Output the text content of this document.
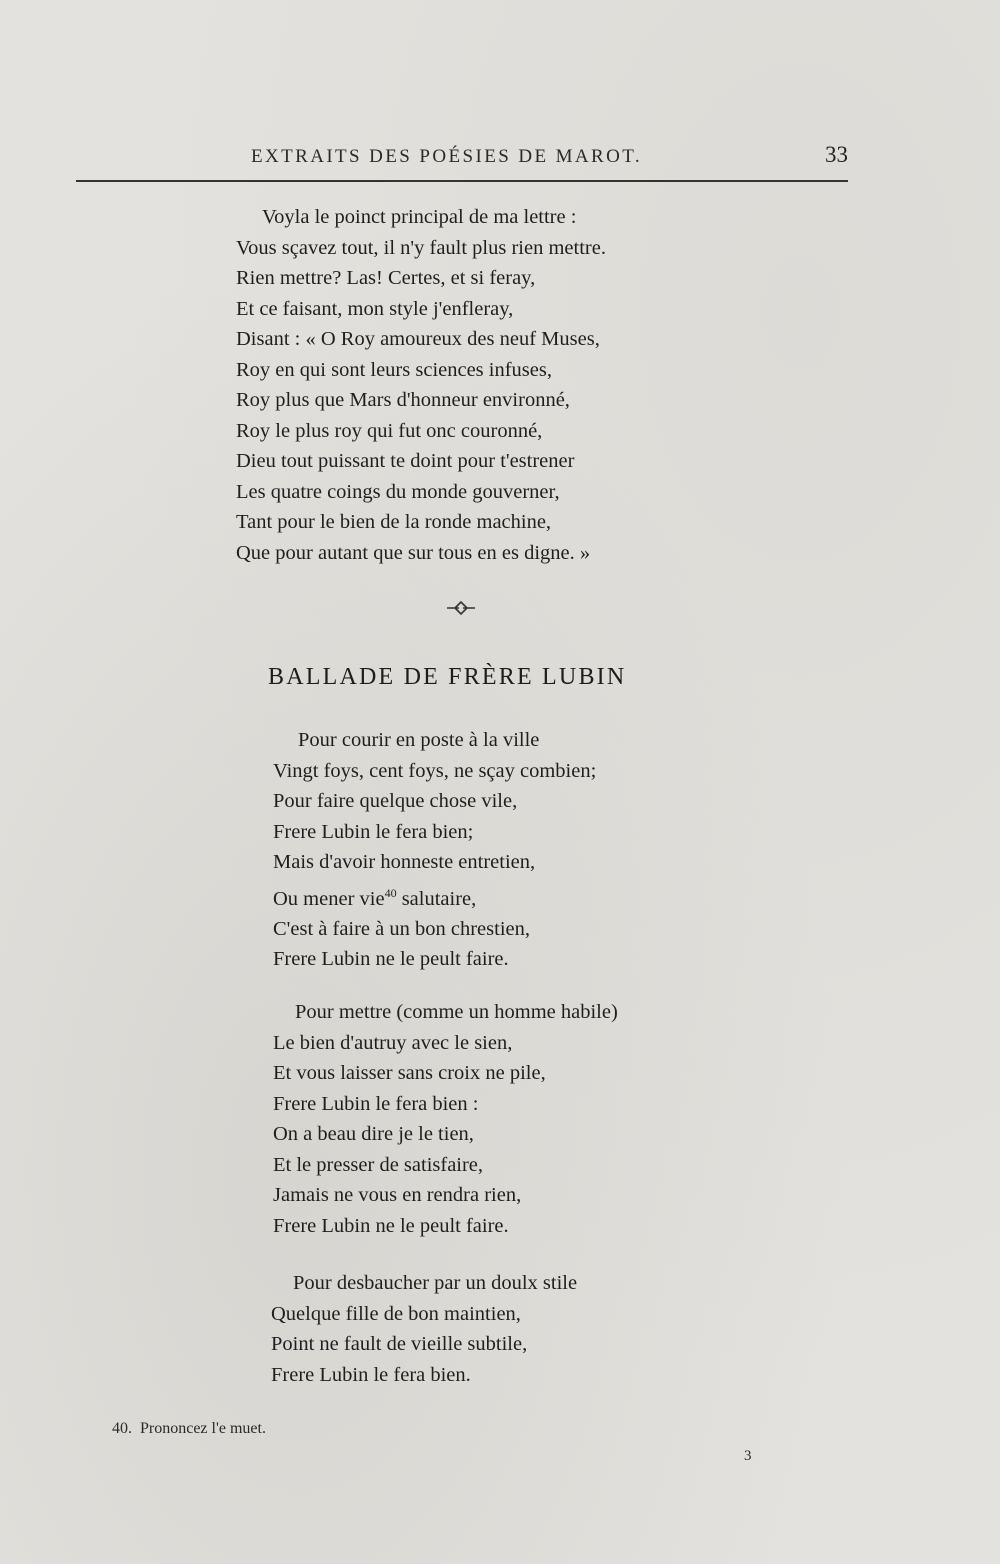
EXTRAITS DES POÉSIES DE MAROT.	33
Voyla le poinct principal de ma lettre :
Vous sçavez tout, il n'y fault plus rien mettre.
Rien mettre? Las! Certes, et si feray,
Et ce faisant, mon style j'enfleray,
Disant : « O Roy amoureux des neuf Muses,
Roy en qui sont leurs sciences infuses,
Roy plus que Mars d'honneur environné,
Roy le plus roy qui fut onc couronné,
Dieu tout puissant te doint pour t'estrener
Les quatre coings du monde gouverner,
Tant pour le bien de la ronde machine,
Que pour autant que sur tous en es digne. »
BALLADE DE FRÈRE LUBIN
Pour courir en poste à la ville
Vingt foys, cent foys, ne sçay combien;
Pour faire quelque chose vile,
Frere Lubin le fera bien;
Mais d'avoir honneste entretien,
Ou mener vie$^{40}$ salutaire,
C'est à faire à un bon chrestien,
Frere Lubin ne le peult faire.
Pour mettre (comme un homme habile)
Le bien d'autruy avec le sien,
Et vous laisser sans croix ne pile,
Frere Lubin le fera bien :
On a beau dire je le tien,
Et le presser de satisfaire,
Jamais ne vous en rendra rien,
Frere Lubin ne le peult faire.
Pour desbaucher par un doulx stile
Quelque fille de bon maintien,
Point ne fault de vieille subtile,
Frere Lubin le fera bien.
40. Prononcez l'e muet.
3
